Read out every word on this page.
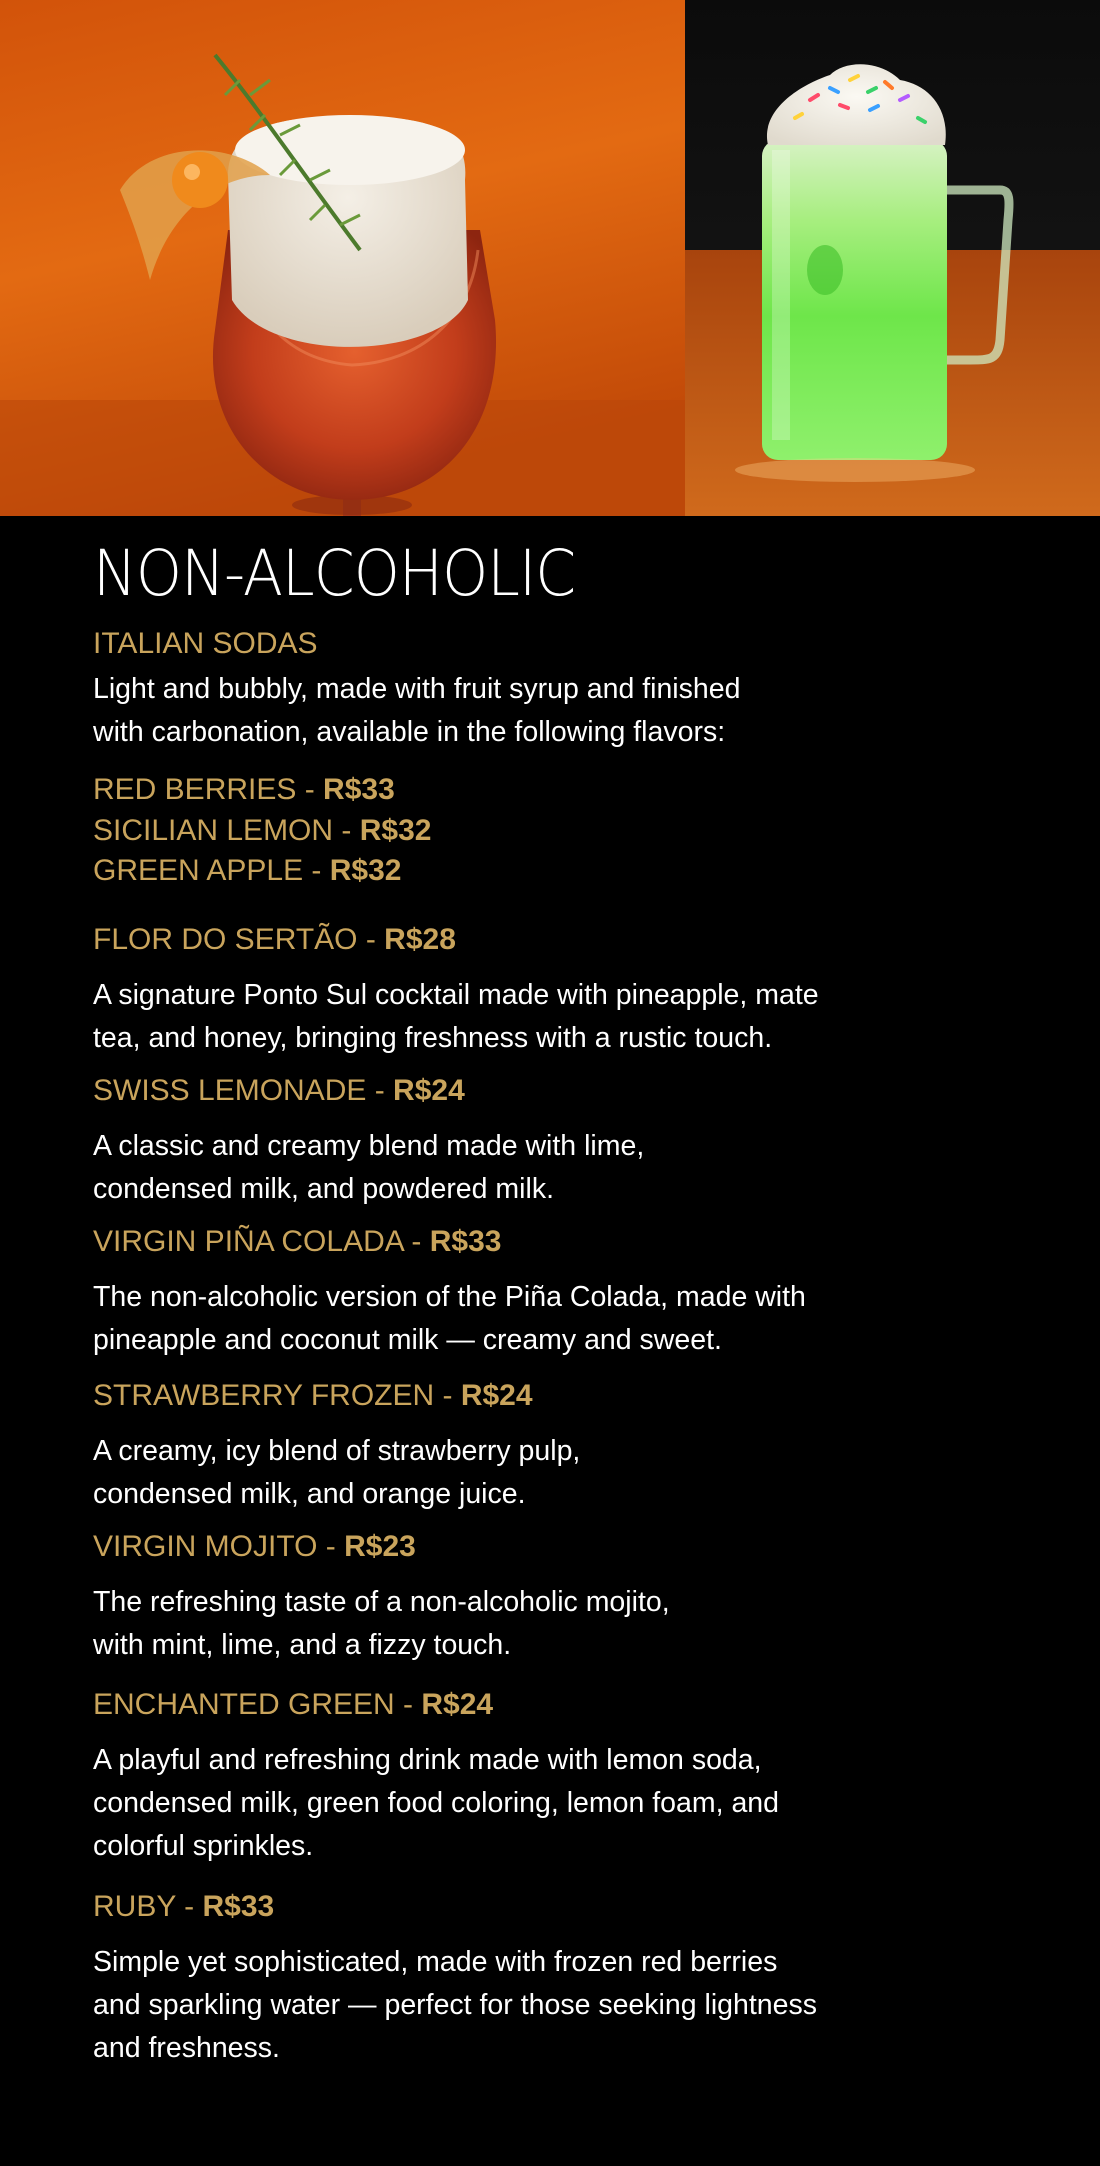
NON-ALCOHOLIC
ITALIAN SODAS

Light and bubbly, made with fruit syrup and finished
with carbonation, available in the following flavors:

RED BERRIES - R$33
SICILIAN LEMON - R$32
GREEN APPLE - R$32
FLOR DO SERTÃO - R$28

A signature Ponto Sul cocktail made with pineapple, mate
tea, and honey, bringing freshness with a rustic touch.

SWISS LEMONADE - R$24

A classic and creamy blend made with lime,
condensed milk, and powdered milk.

VIRGIN PIÑA COLADA - R$33

The non-alcoholic version of the Piña Colada, made with
pineapple and coconut milk — creamy and sweet.

STRAWBERRY FROZEN - R$24

A creamy, icy blend of strawberry pulp,
condensed milk, and orange juice.

VIRGIN MOJITO - R$23

The refreshing taste of a non-alcoholic mojito,
with mint, lime, and a fizzy touch.

ENCHANTED GREEN - R$24

A playful and refreshing drink made with lemon soda,
condensed milk, green food coloring, lemon foam, and
colorful sprinkles.

RUBY - R$33

Simple yet sophisticated, made with frozen red berries
and sparkling water — perfect for those seeking lightness
and freshness.
